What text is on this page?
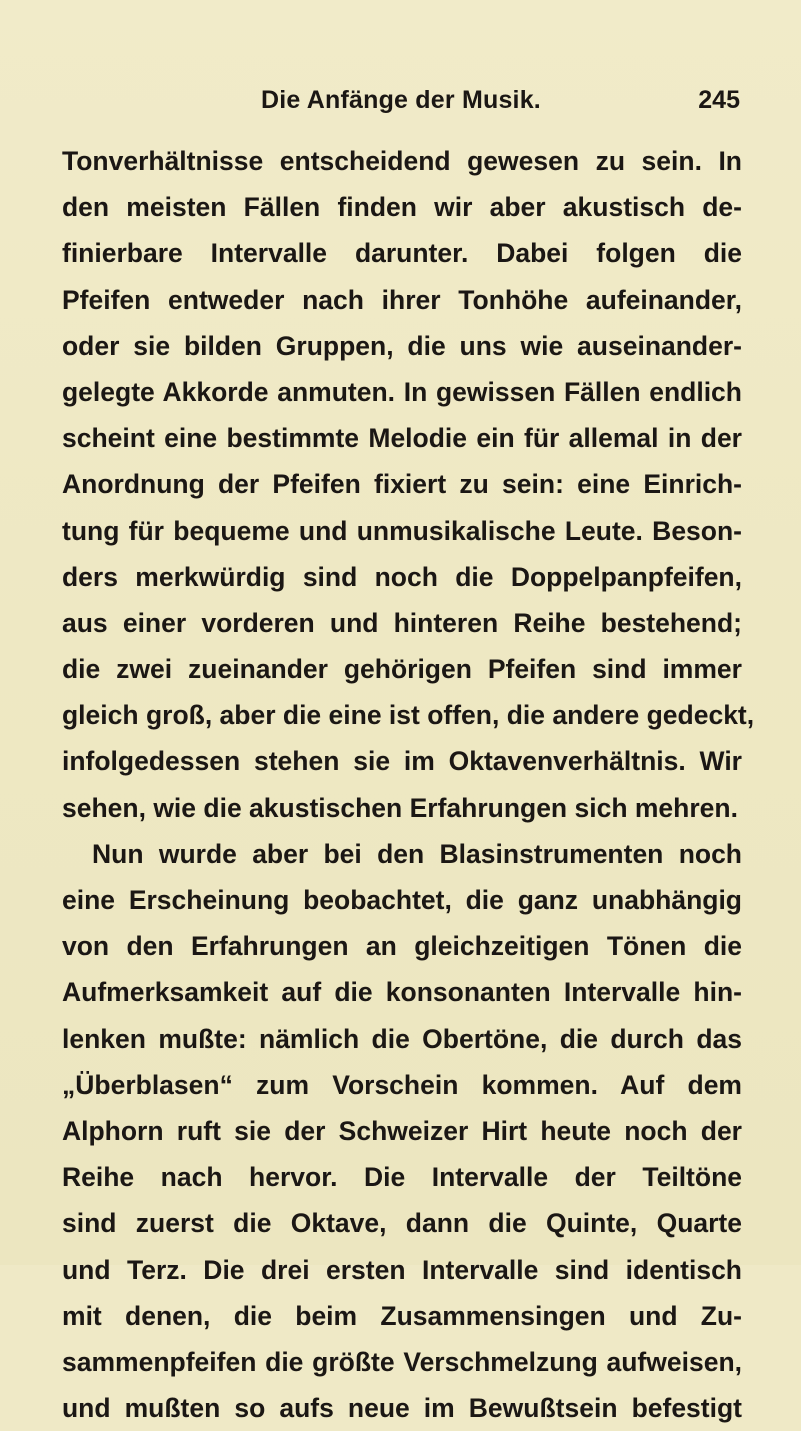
Die Anfänge der Musik.	245
Tonverhältnisse entscheidend gewesen zu sein. In
den meisten Fällen finden wir aber akustisch de-
finierbare Intervalle darunter. Dabei folgen die
Pfeifen entweder nach ihrer Tonhöhe aufeinander,
oder sie bilden Gruppen, die uns wie auseinander-
gelegte Akkorde anmuten. In gewissen Fällen endlich
scheint eine bestimmte Melodie ein für allemal in der
Anordnung der Pfeifen fixiert zu sein: eine Einrich-
tung für bequeme und unmusikalische Leute. Beson-
ders merkwürdig sind noch die Doppelpanpfeifen,
aus einer vorderen und hinteren Reihe bestehend;
die zwei zueinander gehörigen Pfeifen sind immer
gleich groß, aber die eine ist offen, die andere gedeckt,
infolgedessen stehen sie im Oktavenverhältnis. Wir
sehen, wie die akustischen Erfahrungen sich mehren.
Nun wurde aber bei den Blasinstrumenten noch
eine Erscheinung beobachtet, die ganz unabhängig
von den Erfahrungen an gleichzeitigen Tönen die
Aufmerksamkeit auf die konsonanten Intervalle hin-
lenken mußte: nämlich die Obertöne, die durch das
„Überblasen“ zum Vorschein kommen. Auf dem
Alphorn ruft sie der Schweizer Hirt heute noch der
Reihe nach hervor. Die Intervalle der Teiltöne
sind zuerst die Oktave, dann die Quinte, Quarte
und Terz. Die drei ersten Intervalle sind identisch
mit denen, die beim Zusammensingen und Zu-
sammenpfeifen die größte Verschmelzung aufweisen,
und mußten so aufs neue im Bewußtsein befestigt
